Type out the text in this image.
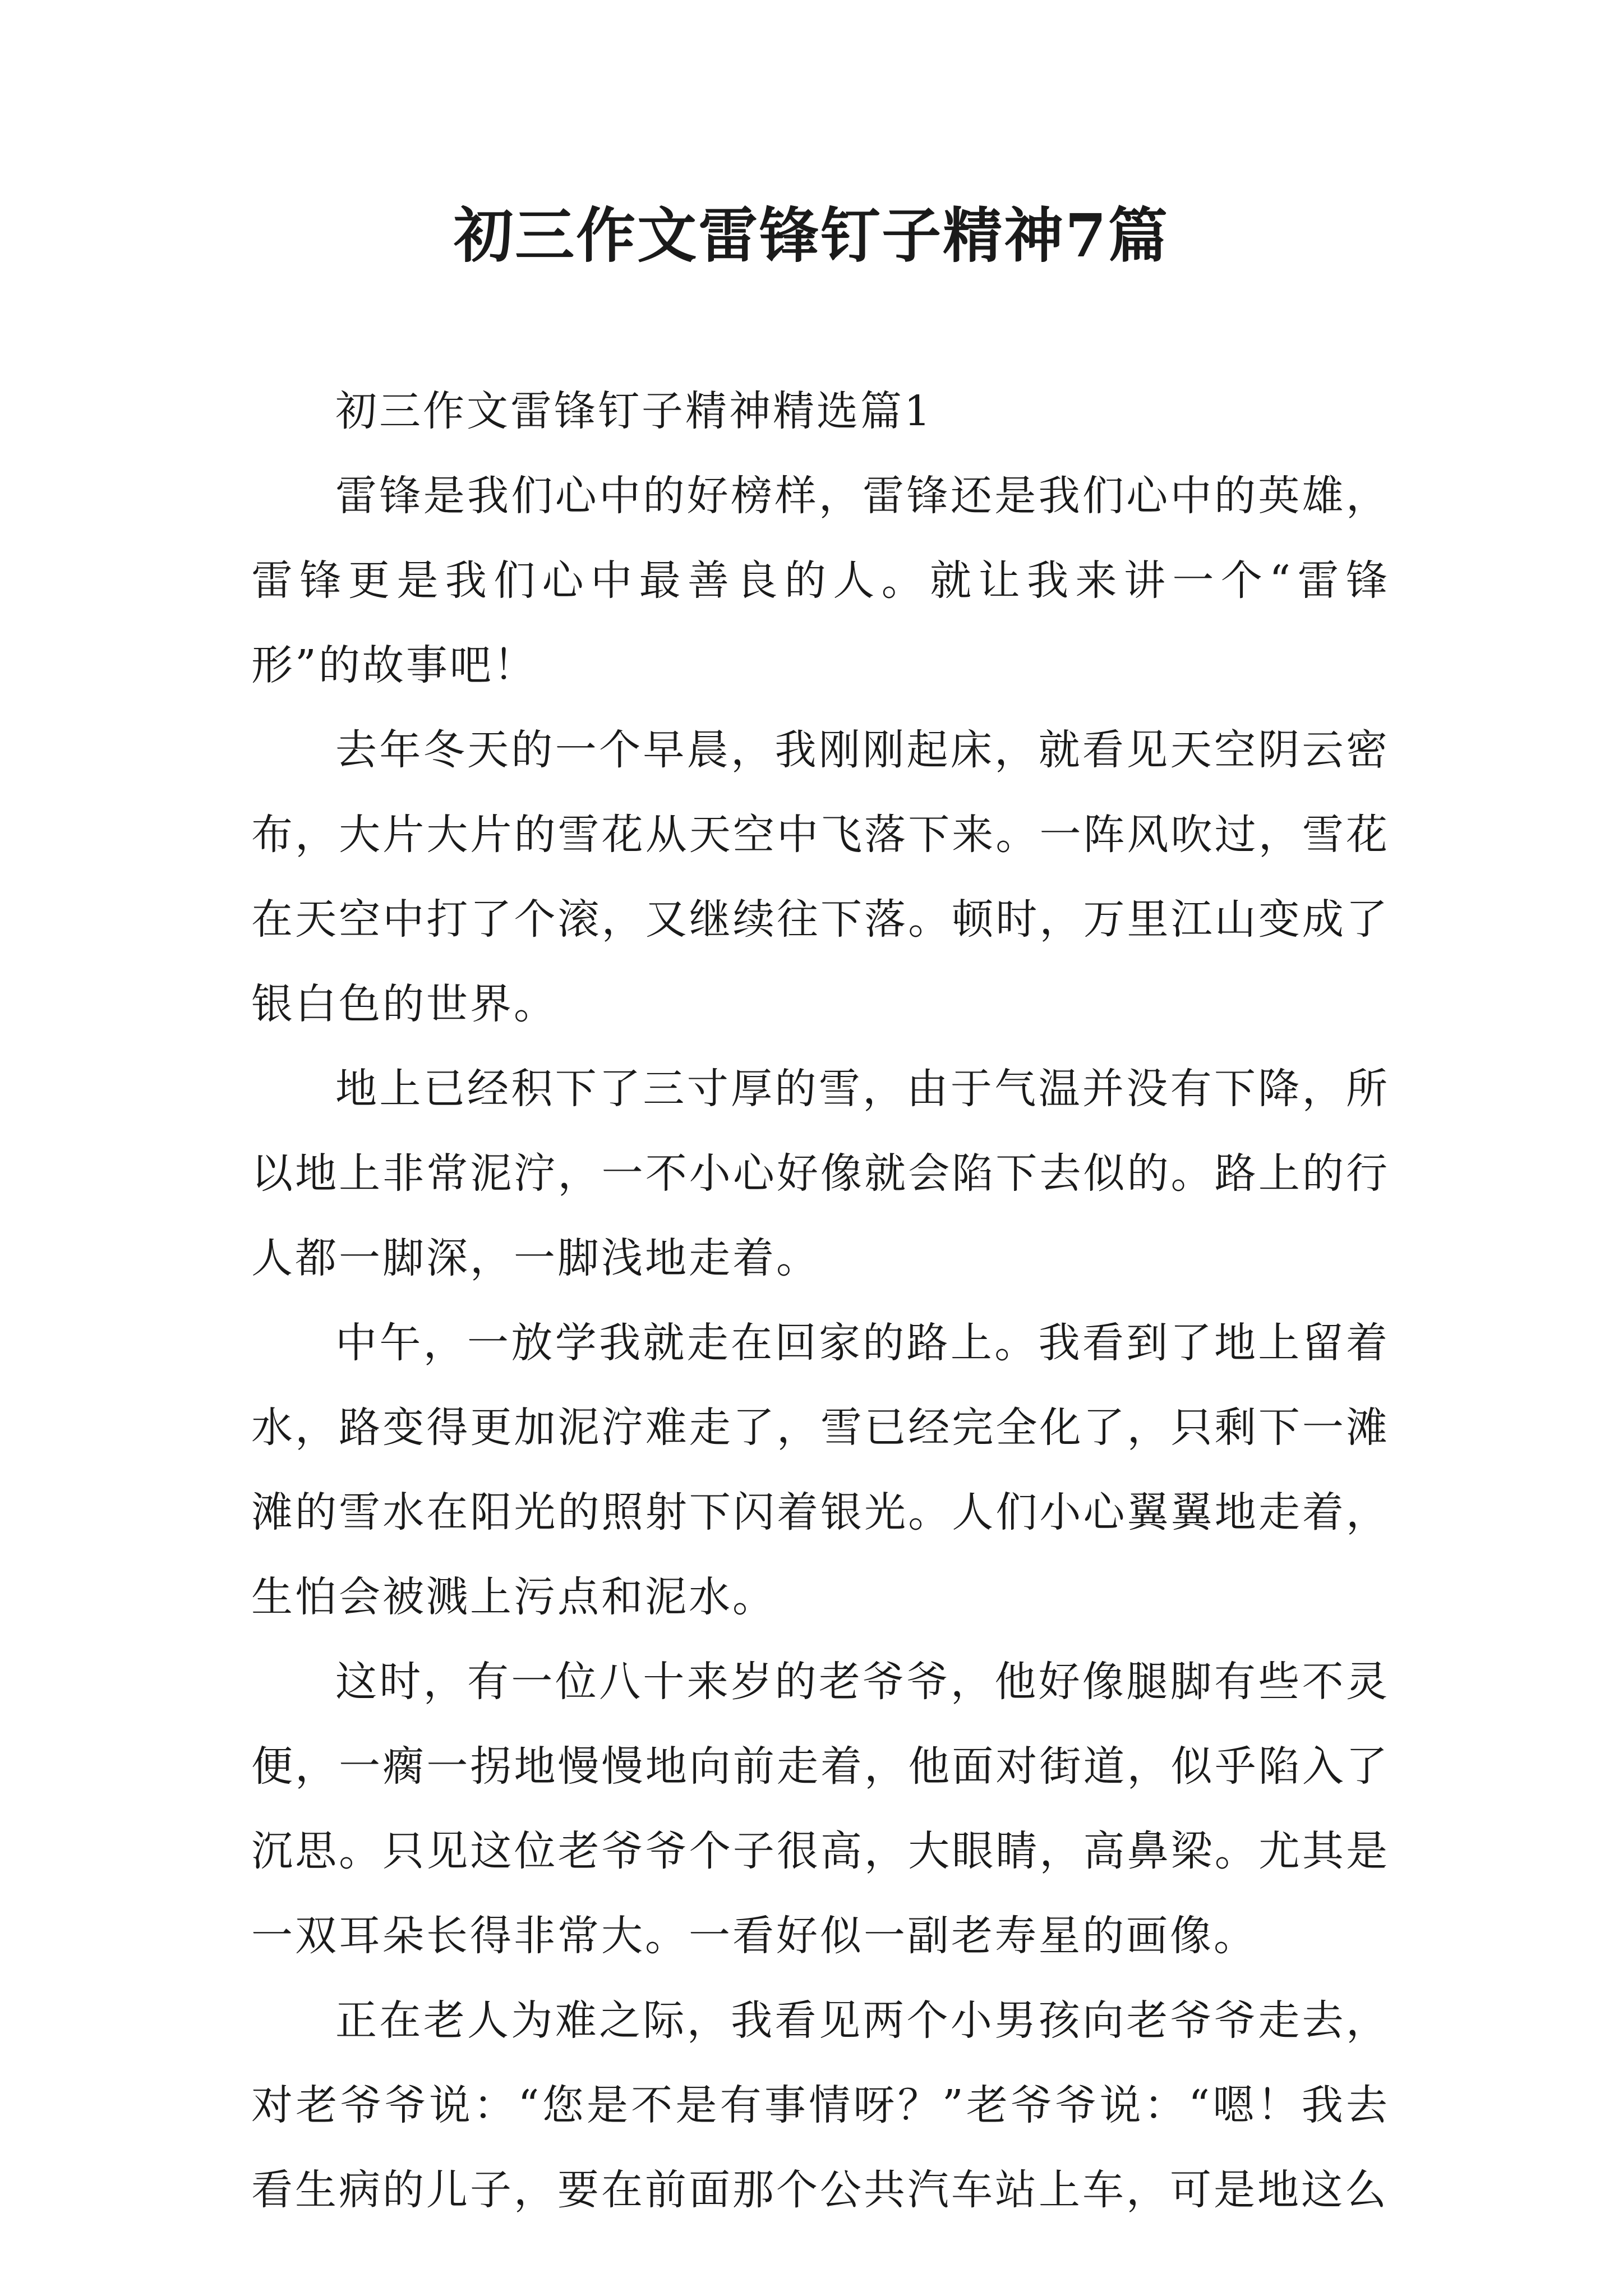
初三作文雷锋钉子精神7篇

初三作文雷锋钉子精神精选篇1

雷锋是我们心中的好榜样，雷锋还是我们心中的英雄，雷锋更是我们心中最善良的人。就让我来讲一个“雷锋形”的故事吧！

去年冬天的一个早晨，我刚刚起床，就看见天空阴云密布，大片大片的雪花从天空中飞落下来。一阵风吹过，雪花在天空中打了个滚，又继续往下落。顿时，万里江山变成了银白色的世界。

地上已经积下了三寸厚的雪，由于气温并没有下降，所以地上非常泥泞，一不小心好像就会陷下去似的。路上的行人都一脚深，一脚浅地走着。

中午，一放学我就走在回家的路上。我看到了地上留着水，路变得更加泥泞难走了，雪已经完全化了，只剩下一滩滩的雪水在阳光的照射下闪着银光。人们小心翼翼地走着，生怕会被溅上污点和泥水。

这时，有一位八十来岁的老爷爷，他好像腿脚有些不灵便，一瘸一拐地慢慢地向前走着，他面对街道，似乎陷入了沉思。只见这位老爷爷个子很高，大眼睛，高鼻梁。尤其是一双耳朵长得非常大。一看好似一副老寿星的画像。

正在老人为难之际，我看见两个小男孩向老爷爷走去，对老爷爷说：“您是不是有事情呀？”老爷爷说：“嗯！我去看生病的儿子，要在前面那个公共汽车站上车，可是地这么
